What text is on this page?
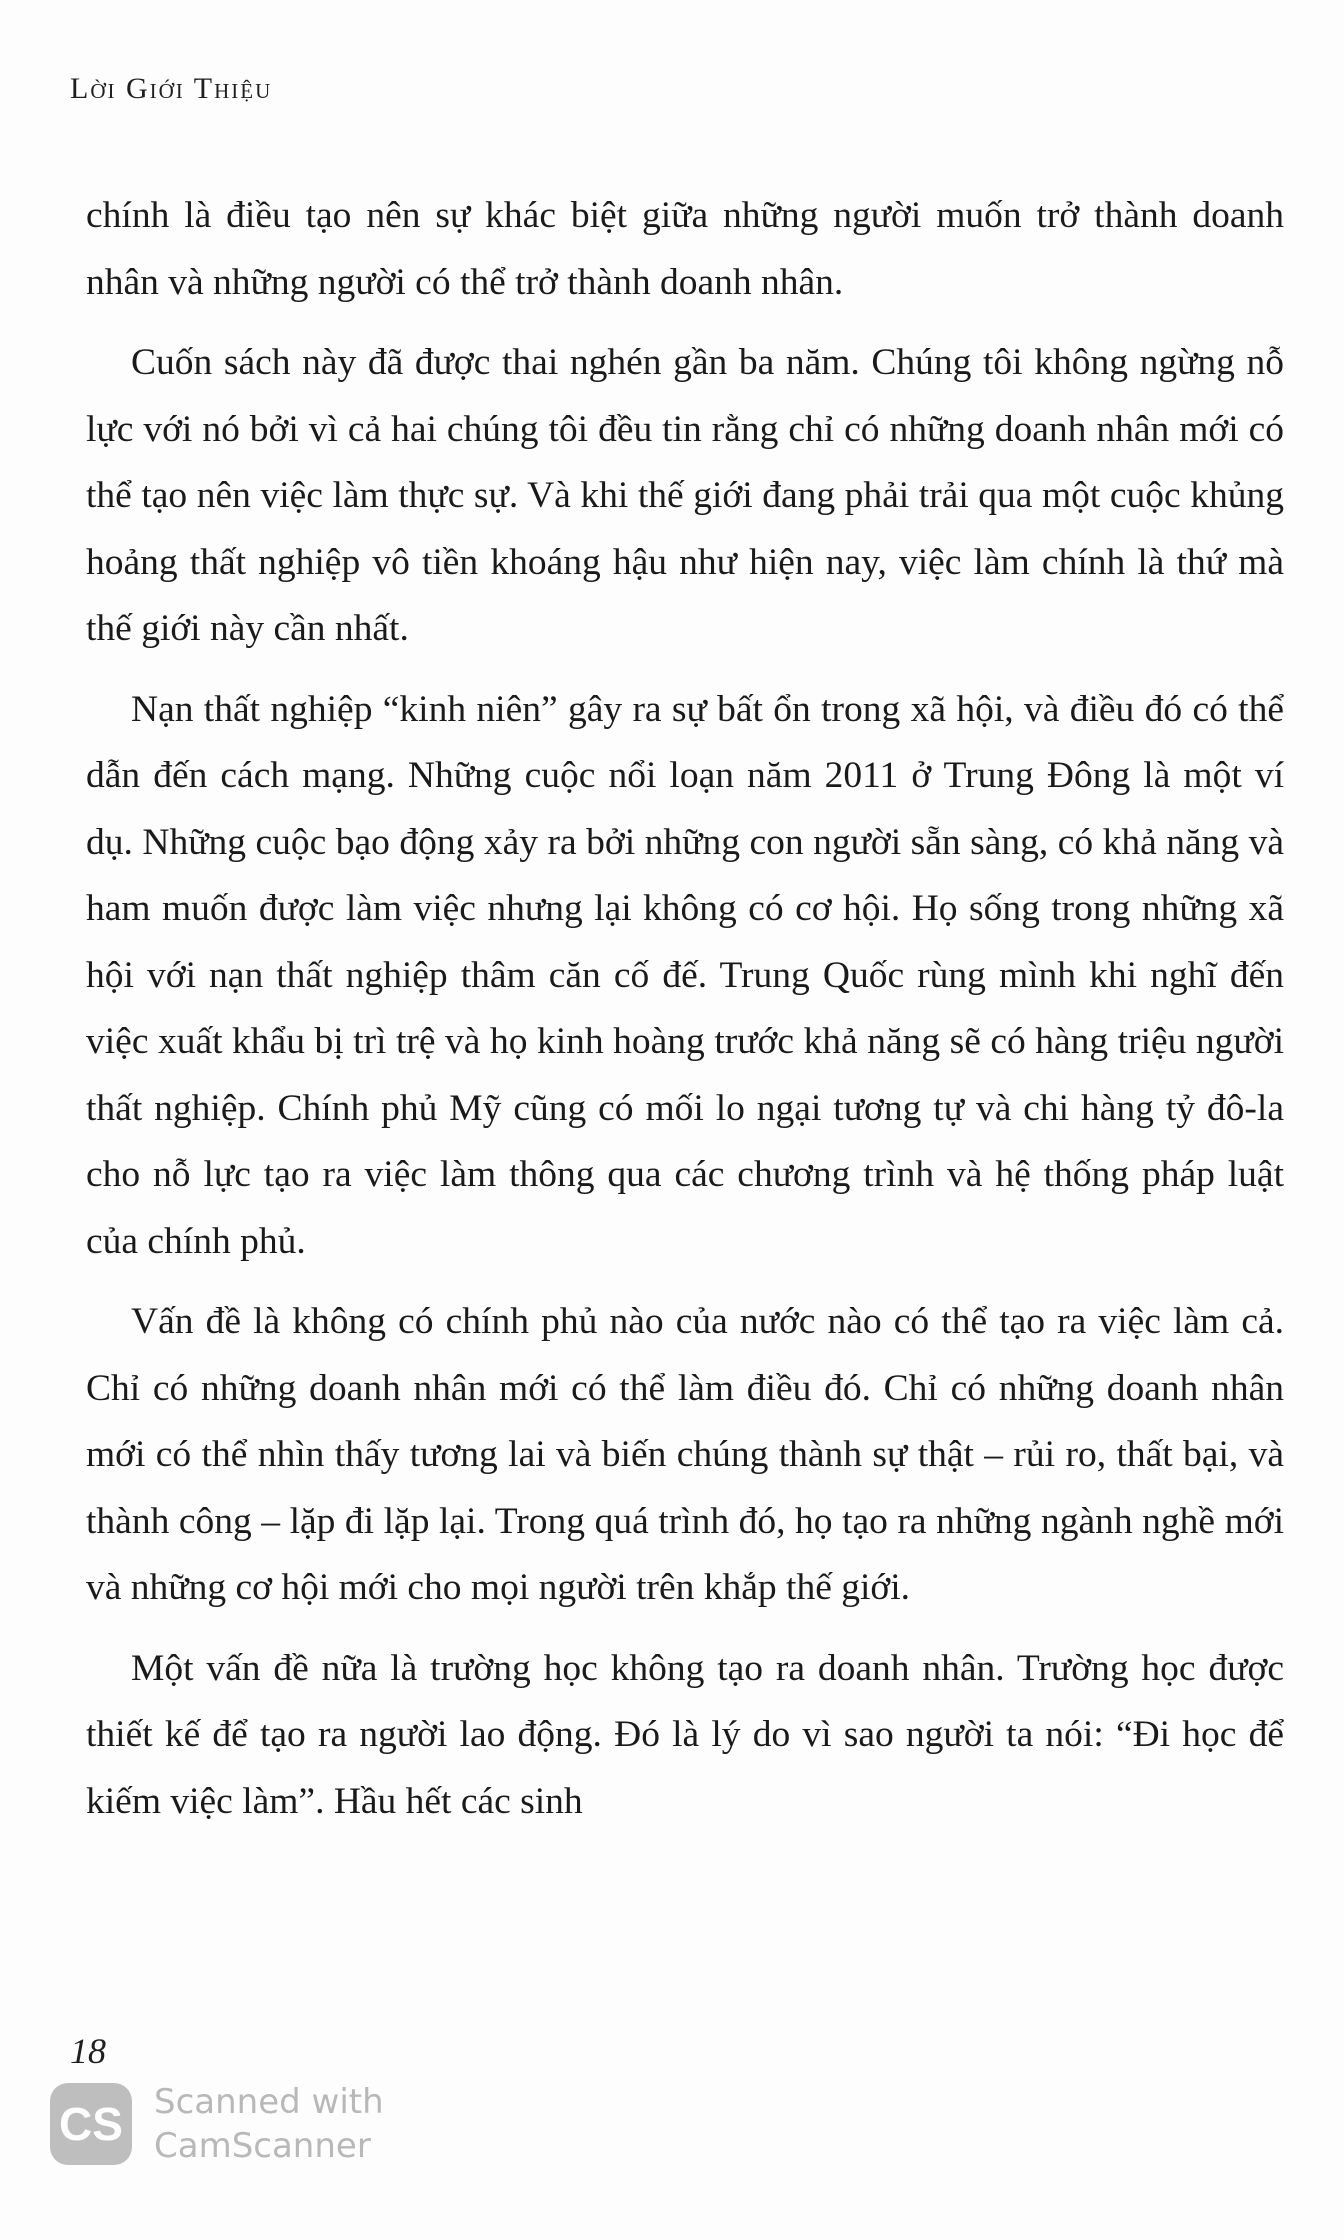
Lời Giới Thiệu

chính là điều tạo nên sự khác biệt giữa những người muốn trở thành doanh nhân và những người có thể trở thành doanh nhân.

Cuốn sách này đã được thai nghén gần ba năm. Chúng tôi không ngừng nỗ lực với nó bởi vì cả hai chúng tôi đều tin rằng chỉ có những doanh nhân mới có thể tạo nên việc làm thực sự. Và khi thế giới đang phải trải qua một cuộc khủng hoảng thất nghiệp vô tiền khoáng hậu như hiện nay, việc làm chính là thứ mà thế giới này cần nhất.

Nạn thất nghiệp “kinh niên” gây ra sự bất ổn trong xã hội, và điều đó có thể dẫn đến cách mạng. Những cuộc nổi loạn năm 2011 ở Trung Đông là một ví dụ. Những cuộc bạo động xảy ra bởi những con người sẵn sàng, có khả năng và ham muốn được làm việc nhưng lại không có cơ hội. Họ sống trong những xã hội với nạn thất nghiệp thâm căn cố đế. Trung Quốc rùng mình khi nghĩ đến việc xuất khẩu bị trì trệ và họ kinh hoàng trước khả năng sẽ có hàng triệu người thất nghiệp. Chính phủ Mỹ cũng có mối lo ngại tương tự và chi hàng tỷ đô-la cho nỗ lực tạo ra việc làm thông qua các chương trình và hệ thống pháp luật của chính phủ.

Vấn đề là không có chính phủ nào của nước nào có thể tạo ra việc làm cả. Chỉ có những doanh nhân mới có thể làm điều đó. Chỉ có những doanh nhân mới có thể nhìn thấy tương lai và biến chúng thành sự thật – rủi ro, thất bại, và thành công – lặp đi lặp lại. Trong quá trình đó, họ tạo ra những ngành nghề mới và những cơ hội mới cho mọi người trên khắp thế giới.

Một vấn đề nữa là trường học không tạo ra doanh nhân. Trường học được thiết kế để tạo ra người lao động. Đó là lý do vì sao người ta nói: “Đi học để kiếm việc làm”. Hầu hết các sinh

18
CS Scanned with
CamScanner
